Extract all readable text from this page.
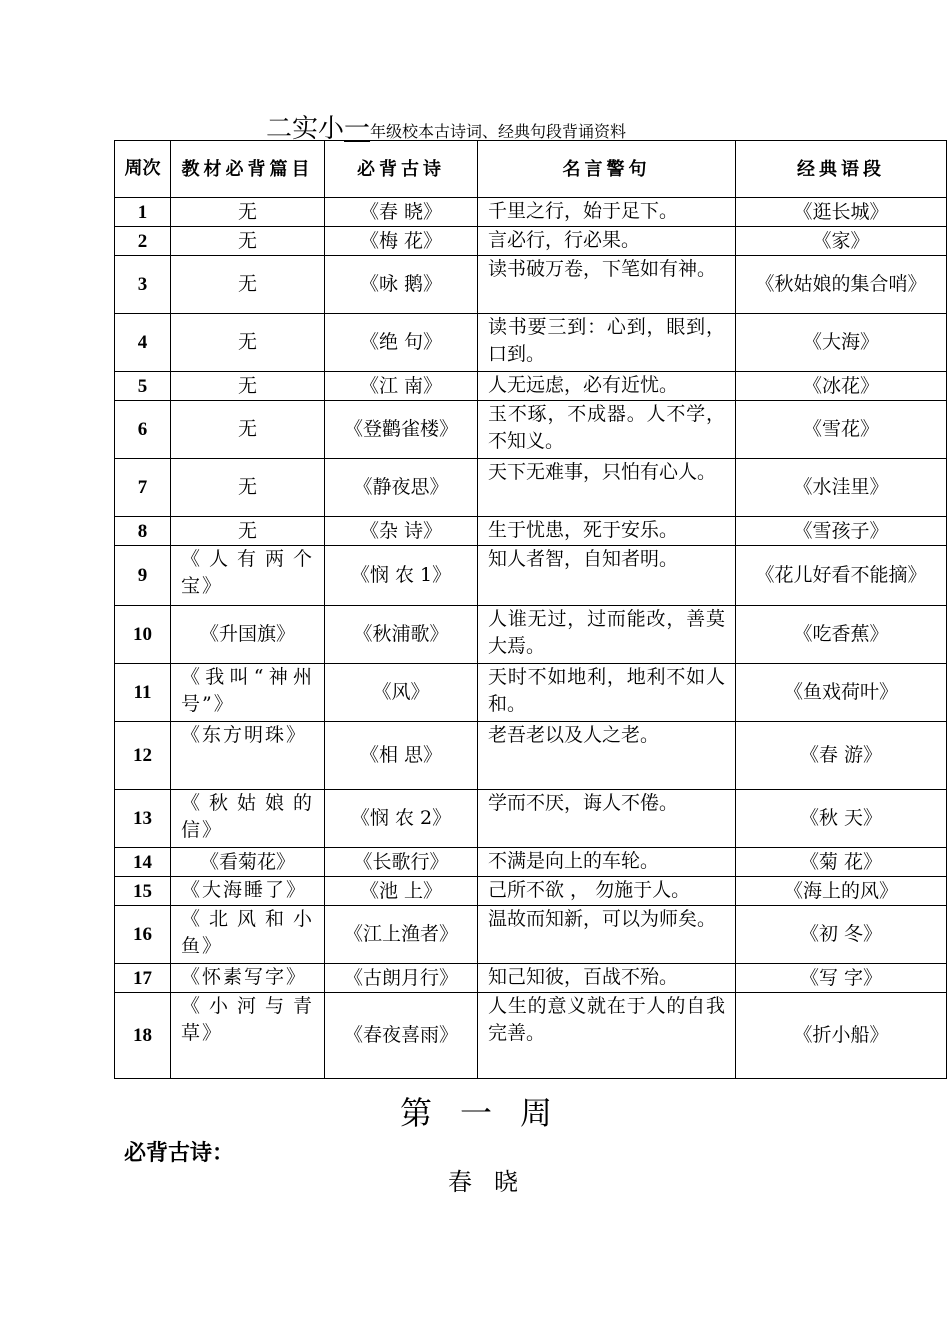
二实小一年级校本古诗词、经典句段背诵资料
周次	教材必背篇目	必背古诗	名言警句	经典语段
1	无	《春 晓》	千里之行，始于足下。	《逛长城》
2	无	《梅 花》	言必行，行必果。	《家》
3	无	《咏 鹅》	读书破万卷，下笔如有神。	《秋姑娘的集合哨》
4	无	《绝 句》	读书要三到：心到，眼到，口到。	《大海》
5	无	《江 南》	人无远虑，必有近忧。	《冰花》
6	无	《登鹳雀楼》	玉不琢，不成器。人不学，不知义。	《雪花》
7	无	《静夜思》	天下无难事，只怕有心人。	《水洼里》
8	无	《杂 诗》	生于忧患，死于安乐。	《雪孩子》
9	《人有两个宝》	《悯 农 1》	知人者智，自知者明。	《花儿好看不能摘》
10	《升国旗》	《秋浦歌》	人谁无过，过而能改，善莫大焉。	《吃香蕉》
11	《我叫“神州号”》	《风》	天时不如地利，地利不如人和。	《鱼戏荷叶》
12	《东方明珠》	《相 思》	老吾老以及人之老。	《春 游》
13	《秋姑娘的信》	《悯 农 2》	学而不厌，诲人不倦。	《秋 天》
14	《看菊花》	《长歌行》	不满是向上的车轮。	《菊 花》
15	《大海睡了》	《池 上》	己所不欲 ， 勿施于人。	《海上的风》
16	《北风和小鱼》	《江上渔者》	温故而知新，可以为师矣。	《初 冬》
17	《怀素写字》	《古朗月行》	知己知彼，百战不殆。	《写 字》
18	《小河与青草》	《春夜喜雨》	人生的意义就在于人的自我完善。	《折小船》
第一周
必背古诗：
春晓
